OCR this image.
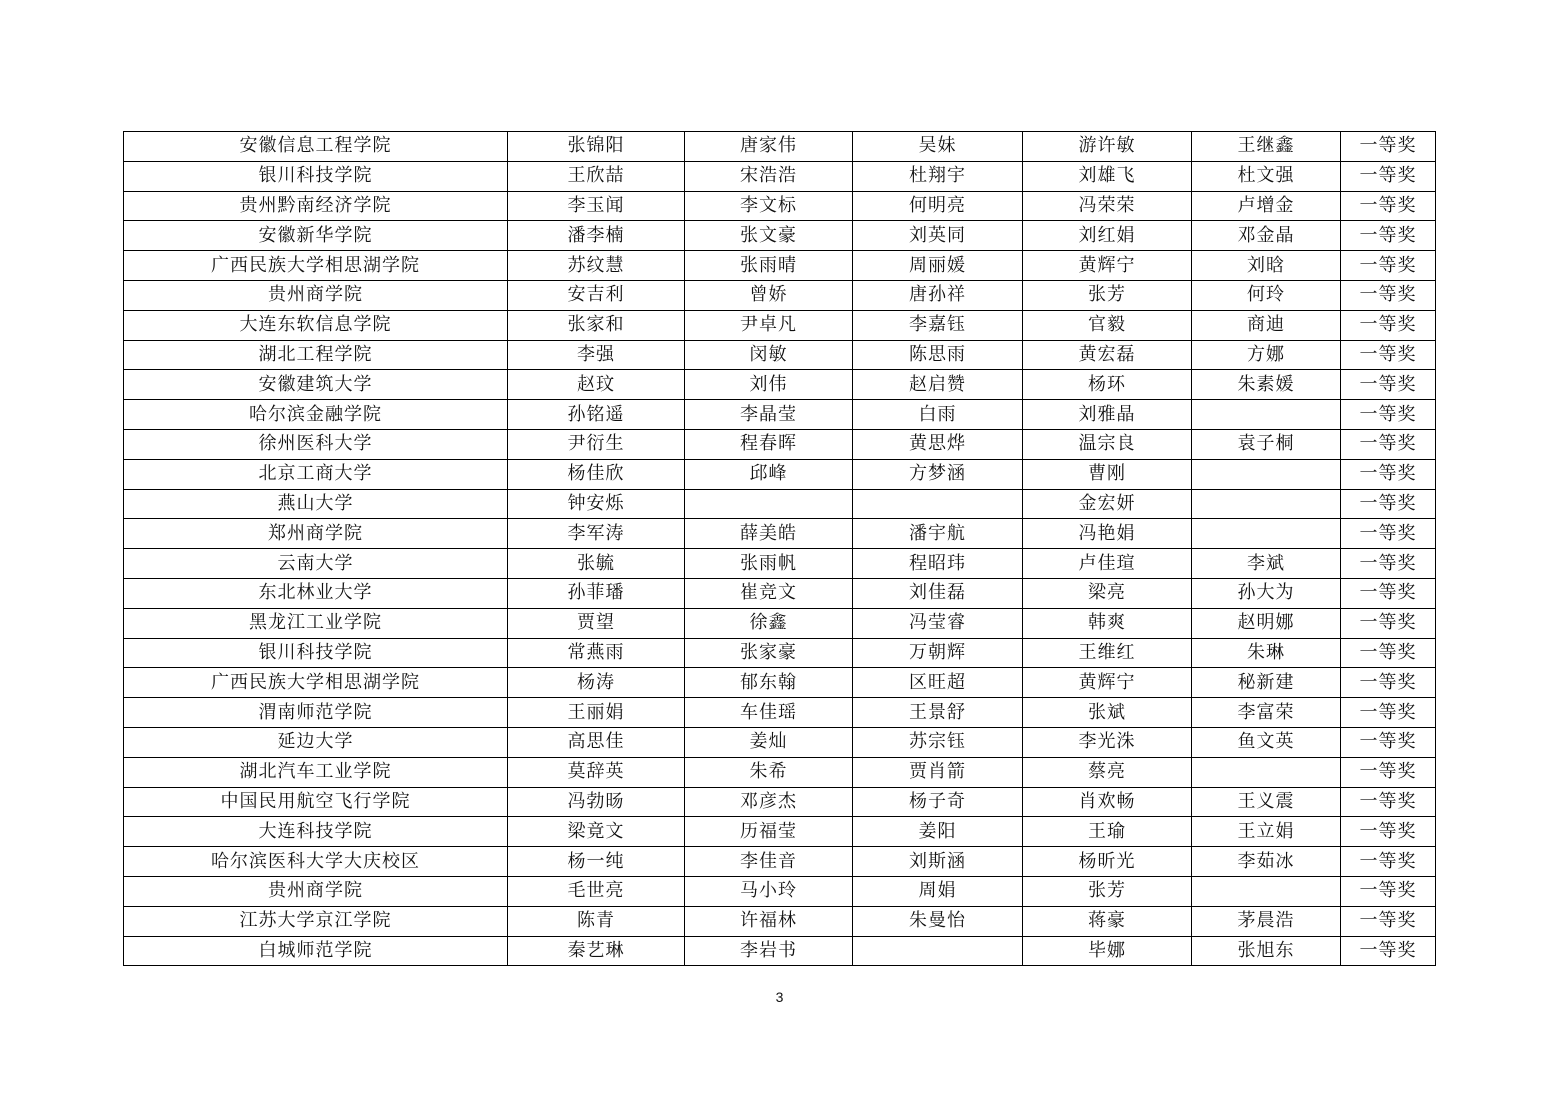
安徽信息工程学院	张锦阳	唐家伟	吴妹	游许敏	王继鑫	一等奖
银川科技学院	王欣喆	宋浩浩	杜翔宇	刘雄飞	杜文强	一等奖
贵州黔南经济学院	李玉闻	李文标	何明亮	冯荣荣	卢增金	一等奖
安徽新华学院	潘李楠	张文豪	刘英同	刘红娟	邓金晶	一等奖
广西民族大学相思湖学院	苏纹慧	张雨晴	周丽媛	黄辉宁	刘晗	一等奖
贵州商学院	安吉利	曾娇	唐孙祥	张芳	何玲	一等奖
大连东软信息学院	张家和	尹卓凡	李嘉钰	官毅	商迪	一等奖
湖北工程学院	李强	闵敏	陈思雨	黄宏磊	方娜	一等奖
安徽建筑大学	赵玟	刘伟	赵启赞	杨环	朱素媛	一等奖
哈尔滨金融学院	孙铭遥	李晶莹	白雨	刘雅晶		一等奖
徐州医科大学	尹衍生	程春晖	黄思烨	温宗良	袁子桐	一等奖
北京工商大学	杨佳欣	邱峰	方梦涵	曹刚		一等奖
燕山大学	钟安烁			金宏妍		一等奖
郑州商学院	李军涛	薛美皓	潘宇航	冯艳娟		一等奖
云南大学	张毓	张雨帆	程昭玮	卢佳瑄	李斌	一等奖
东北林业大学	孙菲璠	崔竞文	刘佳磊	梁亮	孙大为	一等奖
黑龙江工业学院	贾望	徐鑫	冯莹睿	韩爽	赵明娜	一等奖
银川科技学院	常燕雨	张家豪	万朝辉	王维红	朱琳	一等奖
广西民族大学相思湖学院	杨涛	郁东翰	区旺超	黄辉宁	秘新建	一等奖
渭南师范学院	王丽娟	车佳瑶	王景舒	张斌	李富荣	一等奖
延边大学	高思佳	姜灿	苏宗钰	李光洙	鱼文英	一等奖
湖北汽车工业学院	莫辞英	朱希	贾肖箭	蔡亮		一等奖
中国民用航空飞行学院	冯勃旸	邓彦杰	杨子奇	肖欢畅	王义震	一等奖
大连科技学院	梁竟文	历福莹	姜阳	王瑜	王立娟	一等奖
哈尔滨医科大学大庆校区	杨一纯	李佳音	刘斯涵	杨昕光	李茹冰	一等奖
贵州商学院	毛世亮	马小玲	周娟	张芳		一等奖
江苏大学京江学院	陈青	许福林	朱曼怡	蒋豪	茅晨浩	一等奖
白城师范学院	秦艺琳	李岩书		毕娜	张旭东	一等奖
3
